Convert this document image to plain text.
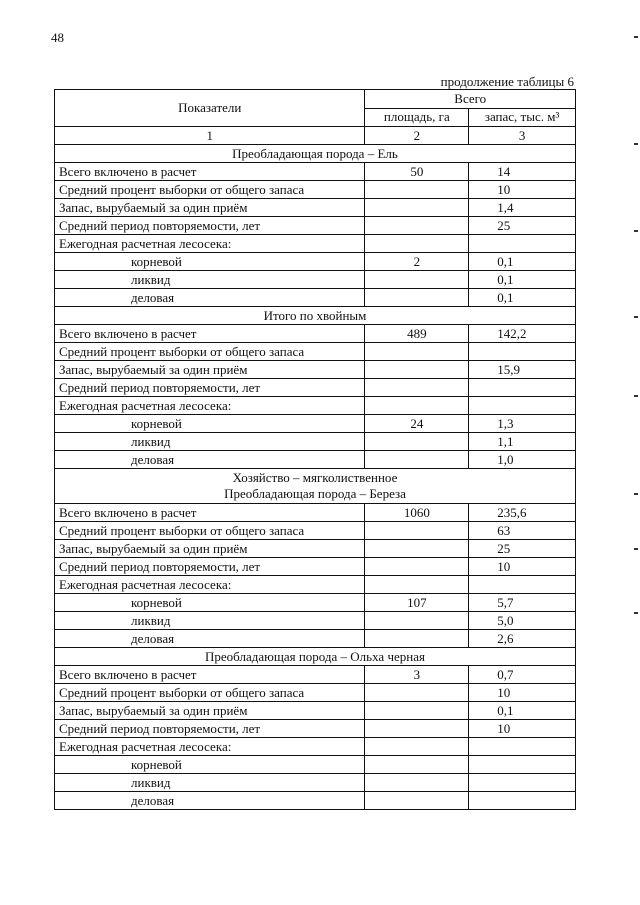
48
продолжение таблицы 6
Показатели	Всего	
	площадь, га	запас, тыс. м³
1	2	3
Преобладающая порода – Ель		
Всего включено в расчет	50	14
Средний процент выборки от общего запаса		10
Запас, вырубаемый за один приём		1,4
Средний период повторяемости, лет		25
Ежегодная расчетная лесосека:		
корневой	2	0,1
ликвид		0,1
деловая		0,1
Итого по хвойным		
Всего включено в расчет	489	142,2
Средний процент выборки от общего запаса		
Запас, вырубаемый за один приём		15,9
Средний период повторяемости, лет		
Ежегодная расчетная лесосека:		
корневой	24	1,3
ликвид		1,1
деловая		1,0

Хозяйство – мягколиственное
Преобладающая порода – Береза		

Всего включено в расчет	1060	235,6
Средний процент выборки от общего запаса		63
Запас, вырубаемый за один приём		25
Средний период повторяемости, лет		10
Ежегодная расчетная лесосека:		
корневой	107	5,7
ликвид		5,0
деловая		2,6
Преобладающая порода – Ольха черная		
Всего включено в расчет	3	0,7
Средний процент выборки от общего запаса		10
Запас, вырубаемый за один приём		0,1
Средний период повторяемости, лет		10
Ежегодная расчетная лесосека:		
корневой		
ликвид		
деловая		
